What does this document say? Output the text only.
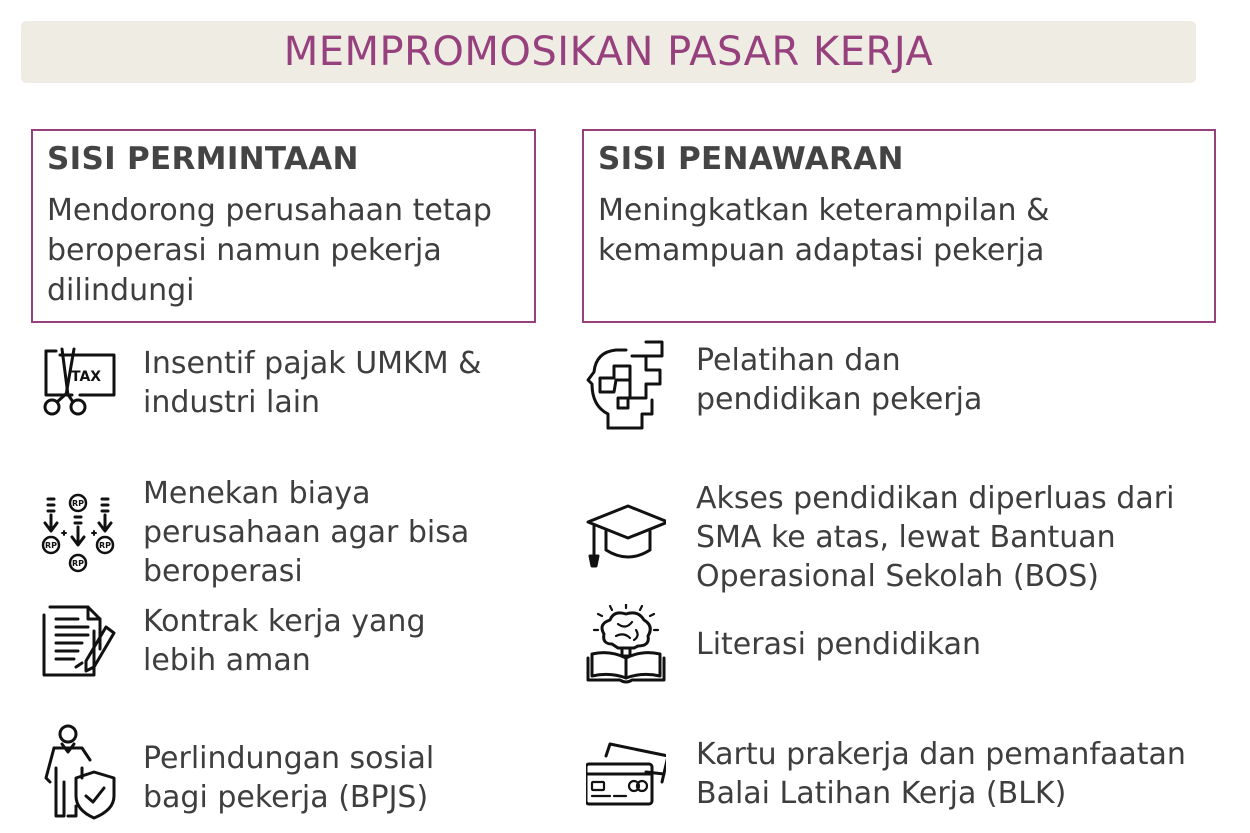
MEMPROMOSIKAN PASAR KERJA
SISI PERMINTAAN
Mendorong perusahaan tetap beroperasi namun pekerja dilindungi
SISI PENAWARAN
Meningkatkan keterampilan & kemampuan adaptasi pekerja
TAX Insentif pajak UMKM &
industri lain
RP
RP	RP
RP
Menekan biaya
perusahaan agar bisa
beroperasi
Kontrak kerja yang
lebih aman
Perlindungan sosial
bagi pekerja (BPJS)
Pelatihan dan
pendidikan pekerja
Akses pendidikan diperluas dari
SMA ke atas, lewat Bantuan
Operasional Sekolah (BOS)
Literasi pendidikan
Kartu prakerja dan pemanfaatan
Balai Latihan Kerja (BLK)
